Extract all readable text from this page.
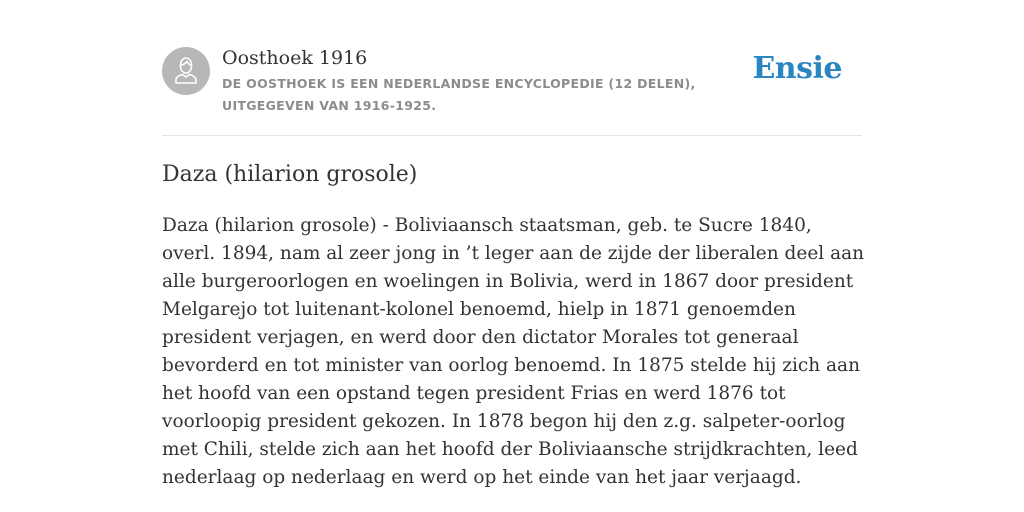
Oosthoek 1916
DE OOSTHOEK IS EEN NEDERLANDSE ENCYCLOPEDIE (12 DELEN), UITGEGEVEN VAN 1916-1925.
Ensie
Daza (hilarion grosole)

Daza (hilarion grosole) - Boliviaansch staatsman, geb. te Sucre 1840, overl. 1894, nam al zeer jong in ’t leger aan de zijde der liberalen deel aan alle burgeroorlogen en woelingen in Bolivia, werd in 1867 door president Melgarejo tot luitenant-kolonel benoemd, hielp in 1871 genoemden president verjagen, en werd door den dictator Morales tot generaal bevorderd en tot minister van oorlog benoemd. In 1875 stelde hij zich aan het hoofd van een opstand tegen president Frias en werd 1876 tot voorloopig president gekozen. In 1878 begon hij den z.g. salpeter-oorlog met Chili, stelde zich aan het hoofd der Boliviaansche strijdkrachten, leed nederlaag op nederlaag en werd op het einde van het jaar verjaagd.
